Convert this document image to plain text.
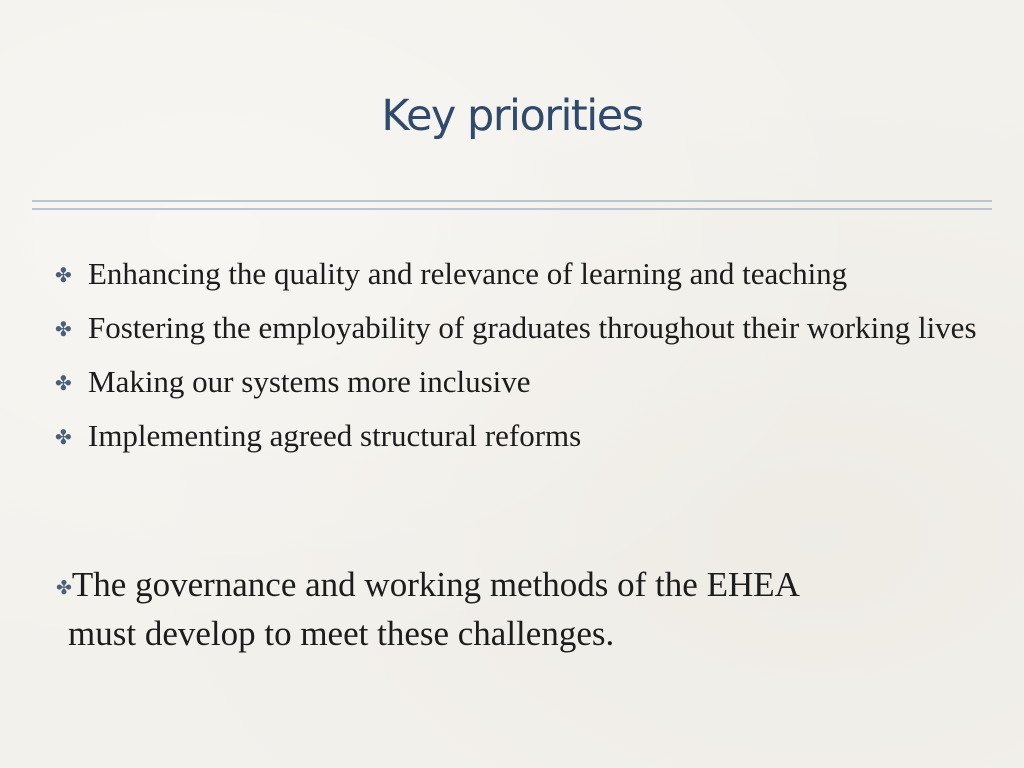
Key priorities
✤ Enhancing the quality and relevance of learning and teaching
✤ Fostering the employability of graduates throughout their working lives
✤ Making our systems more inclusive
✤ Implementing agreed structural reforms
✤The governance and working methods of the EHEA
must develop to meet these challenges.
